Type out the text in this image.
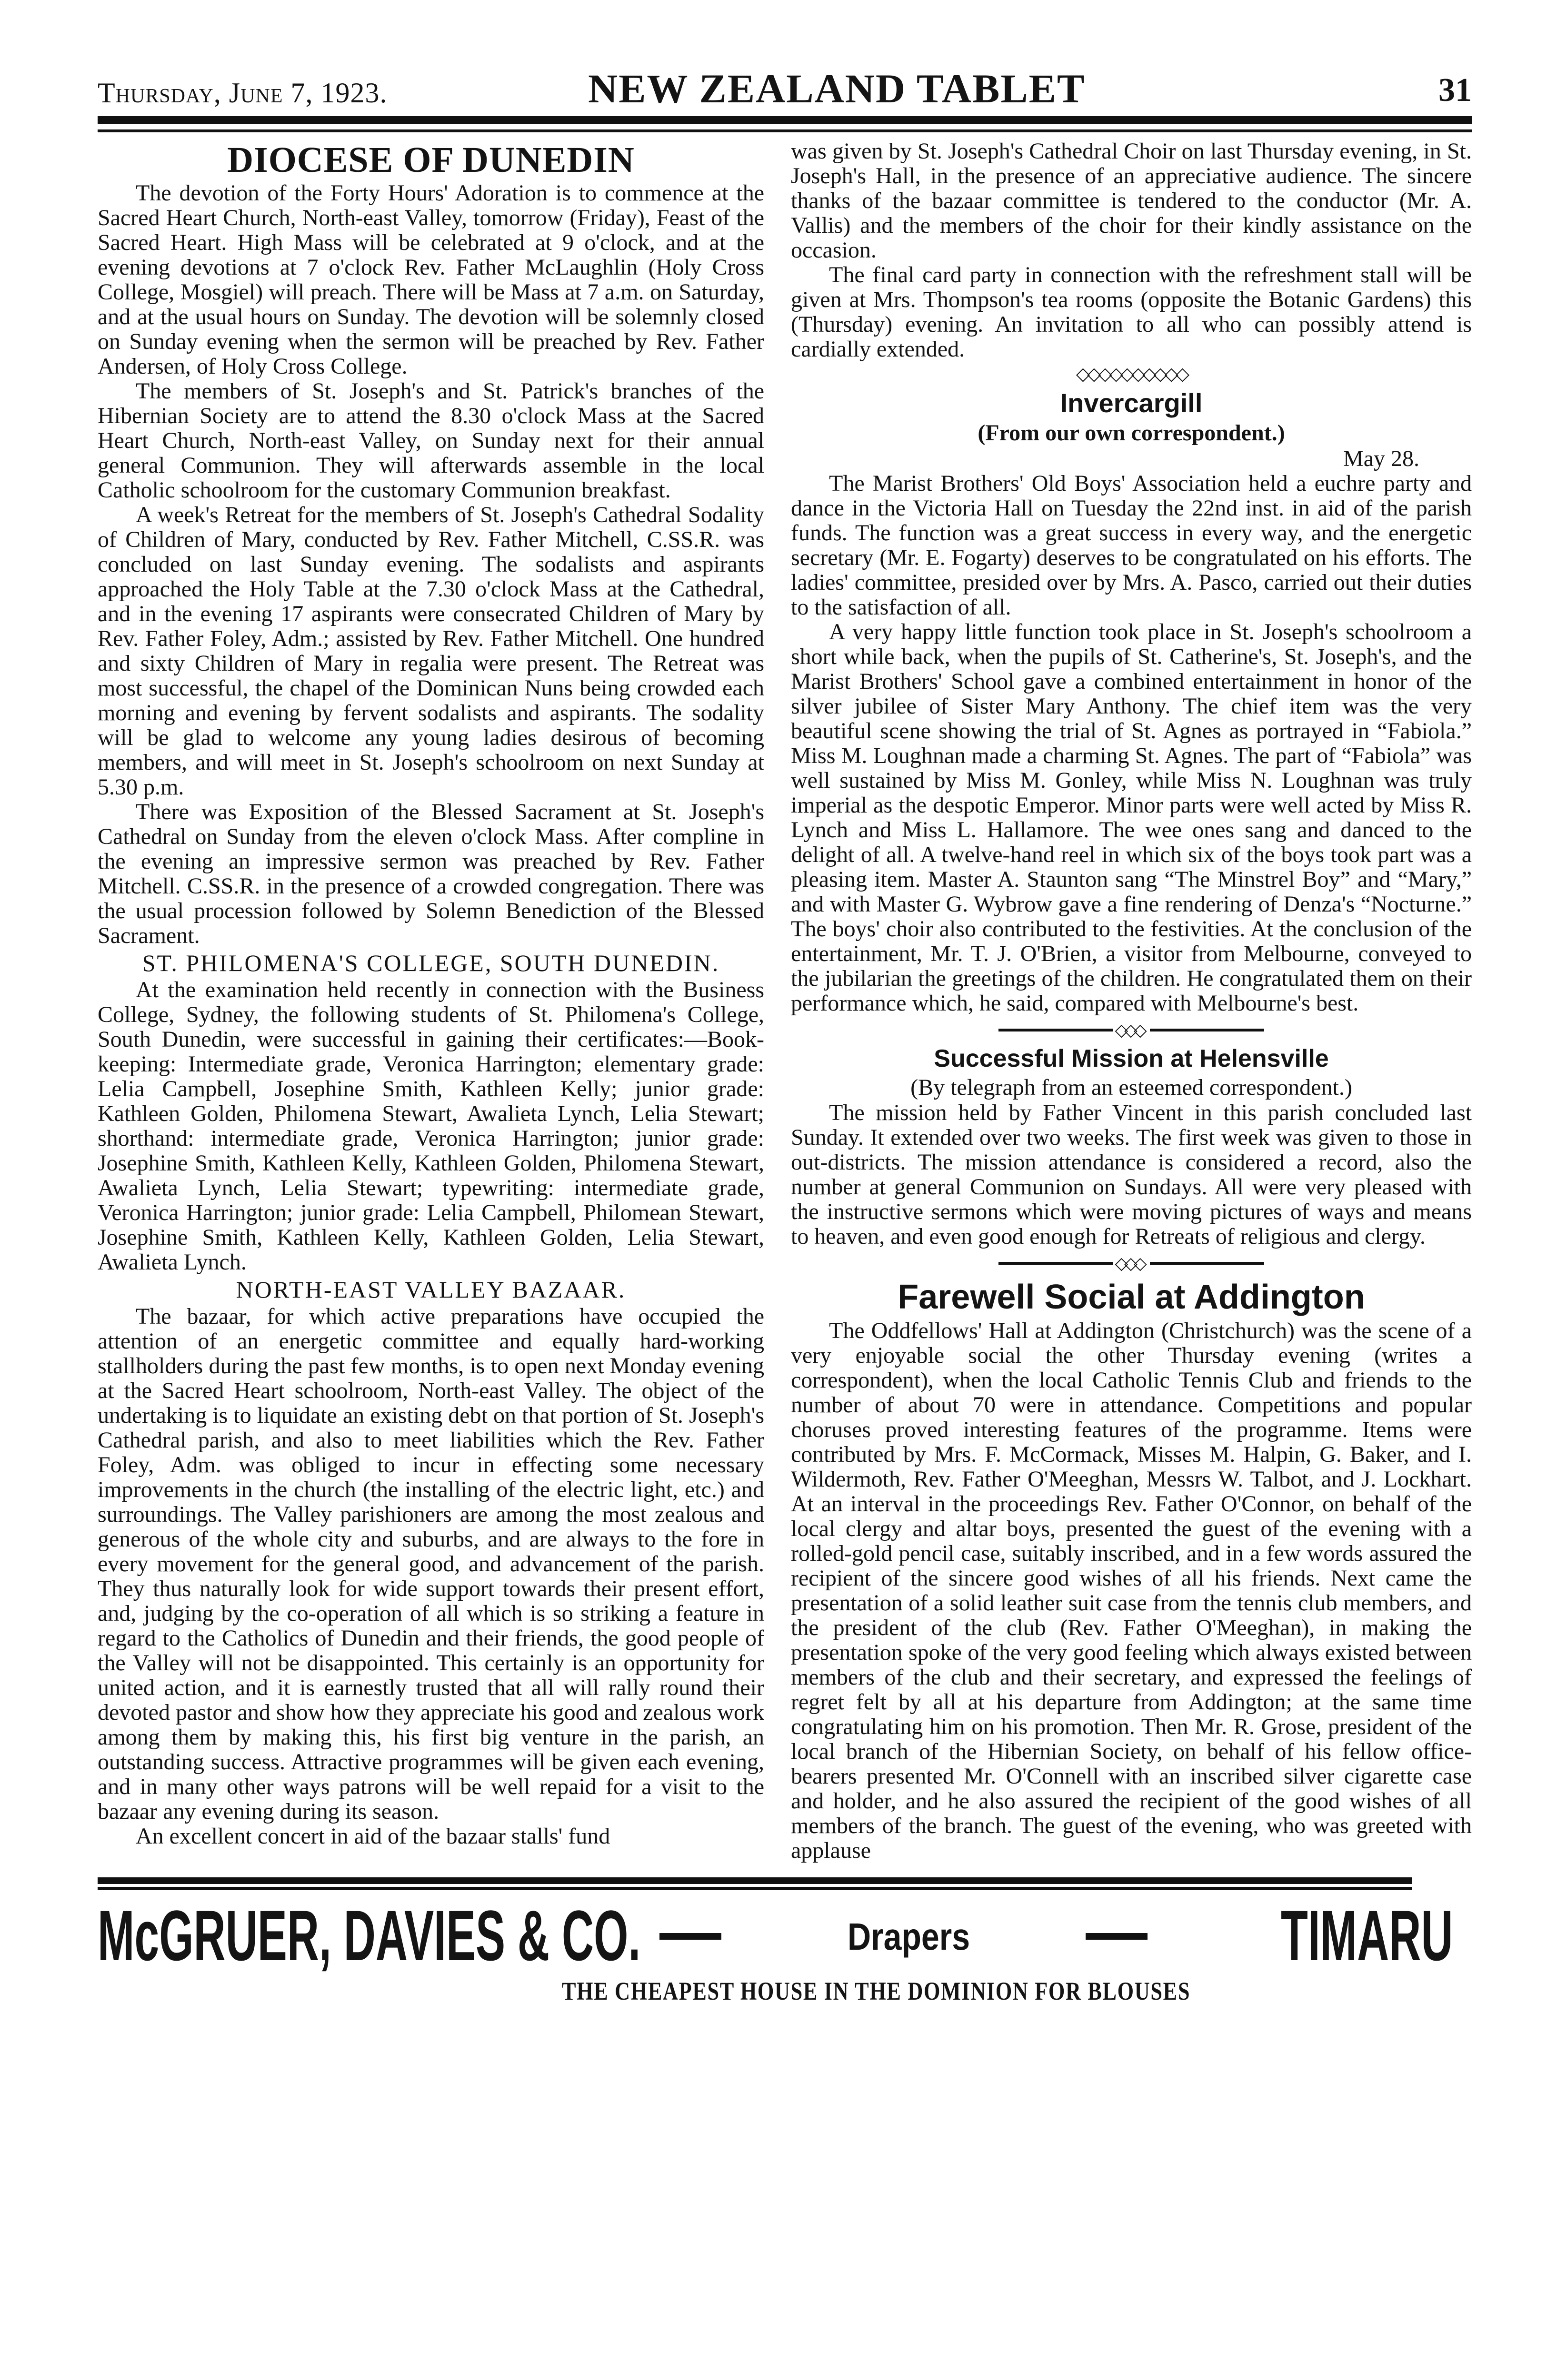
Thursday, June 7, 1923.	NEW ZEALAND TABLET	31
DIOCESE OF DUNEDIN

The devotion of the Forty Hours' Adoration is to commence at the Sacred Heart Church, North-east Valley, tomorrow (Friday), Feast of the Sacred Heart. High Mass will be celebrated at 9 o'clock, and at the evening devotions at 7 o'clock Rev. Father McLaughlin (Holy Cross College, Mosgiel) will preach. There will be Mass at 7 a.m. on Saturday, and at the usual hours on Sunday. The devotion will be solemnly closed on Sunday evening when the sermon will be preached by Rev. Father Andersen, of Holy Cross College.

The members of St. Joseph's and St. Patrick's branches of the Hibernian Society are to attend the 8.30 o'clock Mass at the Sacred Heart Church, North-east Valley, on Sunday next for their annual general Communion. They will afterwards assemble in the local Catholic schoolroom for the customary Communion breakfast.

A week's Retreat for the members of St. Joseph's Cathedral Sodality of Children of Mary, conducted by Rev. Father Mitchell, C.SS.R. was concluded on last Sunday evening. The sodalists and aspirants approached the Holy Table at the 7.30 o'clock Mass at the Cathedral, and in the evening 17 aspirants were consecrated Children of Mary by Rev. Father Foley, Adm.; assisted by Rev. Father Mitchell. One hundred and sixty Children of Mary in regalia were present. The Retreat was most successful, the chapel of the Dominican Nuns being crowded each morning and evening by fervent sodalists and aspirants. The sodality will be glad to welcome any young ladies desirous of becoming members, and will meet in St. Joseph's schoolroom on next Sunday at 5.30 p.m.

There was Exposition of the Blessed Sacrament at St. Joseph's Cathedral on Sunday from the eleven o'clock Mass. After compline in the evening an impressive sermon was preached by Rev. Father Mitchell. C.SS.R. in the presence of a crowded congregation. There was the usual procession followed by Solemn Benediction of the Blessed Sacrament.

ST. PHILOMENA'S COLLEGE, SOUTH DUNEDIN.

At the examination held recently in connection with the Business College, Sydney, the following students of St. Philomena's College, South Dunedin, were successful in gaining their certificates:—Book-keeping: Intermediate grade, Veronica Harrington; elementary grade: Lelia Campbell, Josephine Smith, Kathleen Kelly; junior grade: Kathleen Golden, Philomena Stewart, Awalieta Lynch, Lelia Stewart; shorthand: intermediate grade, Veronica Harrington; junior grade: Josephine Smith, Kathleen Kelly, Kathleen Golden, Philomena Stewart, Awalieta Lynch, Lelia Stewart; typewriting: intermediate grade, Veronica Harrington; junior grade: Lelia Campbell, Philomean Stewart, Josephine Smith, Kathleen Kelly, Kathleen Golden, Lelia Stewart, Awalieta Lynch.

NORTH-EAST VALLEY BAZAAR.

The bazaar, for which active preparations have occupied the attention of an energetic committee and equally hard-working stallholders during the past few months, is to open next Monday evening at the Sacred Heart schoolroom, North-east Valley. The object of the undertaking is to liquidate an existing debt on that portion of St. Joseph's Cathedral parish, and also to meet liabilities which the Rev. Father Foley, Adm. was obliged to incur in effecting some necessary improvements in the church (the installing of the electric light, etc.) and surroundings. The Valley parishioners are among the most zealous and generous of the whole city and suburbs, and are always to the fore in every movement for the general good, and advancement of the parish. They thus naturally look for wide support towards their present effort, and, judging by the co-operation of all which is so striking a feature in regard to the Catholics of Dunedin and their friends, the good people of the Valley will not be disappointed. This certainly is an opportunity for united action, and it is earnestly trusted that all will rally round their devoted pastor and show how they appreciate his good and zealous work among them by making this, his first big venture in the parish, an outstanding success. Attractive programmes will be given each evening, and in many other ways patrons will be well repaid for a visit to the bazaar any evening during its season.

An excellent concert in aid of the bazaar stalls' fund

was given by St. Joseph's Cathedral Choir on last Thursday evening, in St. Joseph's Hall, in the presence of an appreciative audience. The sincere thanks of the bazaar committee is tendered to the conductor (Mr. A. Vallis) and the members of the choir for their kindly assistance on the occasion.

The final card party in connection with the refreshment stall will be given at Mrs. Thompson's tea rooms (opposite the Botanic Gardens) this (Thursday) evening. An invitation to all who can possibly attend is cardially extended.

◇◇◇◇◇◇◇◇◇◇
Invercargill
(From our own correspondent.)
May 28.

The Marist Brothers' Old Boys' Association held a euchre party and dance in the Victoria Hall on Tuesday the 22nd inst. in aid of the parish funds. The function was a great success in every way, and the energetic secretary (Mr. E. Fogarty) deserves to be congratulated on his efforts. The ladies' committee, presided over by Mrs. A. Pasco, carried out their duties to the satisfaction of all.

A very happy little function took place in St. Joseph's schoolroom a short while back, when the pupils of St. Catherine's, St. Joseph's, and the Marist Brothers' School gave a combined entertainment in honor of the silver jubilee of Sister Mary Anthony. The chief item was the very beautiful scene showing the trial of St. Agnes as portrayed in “Fabiola.” Miss M. Loughnan made a charming St. Agnes. The part of “Fabiola” was well sustained by Miss M. Gonley, while Miss N. Loughnan was truly imperial as the despotic Emperor. Minor parts were well acted by Miss R. Lynch and Miss L. Hallamore. The wee ones sang and danced to the delight of all. A twelve-hand reel in which six of the boys took part was a pleasing item. Master A. Staunton sang “The Minstrel Boy” and “Mary,” and with Master G. Wybrow gave a fine rendering of Denza's “Nocturne.” The boys' choir also contributed to the festivities. At the conclusion of the entertainment, Mr. T. J. O'Brien, a visitor from Melbourne, conveyed to the jubilarian the greetings of the children. He congratulated them on their performance which, he said, compared with Melbourne's best.

◇◇◇
Successful Mission at Helensville
(By telegraph from an esteemed correspondent.)

The mission held by Father Vincent in this parish concluded last Sunday. It extended over two weeks. The first week was given to those in out-districts. The mission attendance is considered a record, also the number at general Communion on Sundays. All were very pleased with the instructive sermons which were moving pictures of ways and means to heaven, and even good enough for Retreats of religious and clergy.

◇◇◇
Farewell Social at Addington

The Oddfellows' Hall at Addington (Christchurch) was the scene of a very enjoyable social the other Thursday evening (writes a correspondent), when the local Catholic Tennis Club and friends to the number of about 70 were in attendance. Competitions and popular choruses proved interesting features of the programme. Items were contributed by Mrs. F. McCormack, Misses M. Halpin, G. Baker, and I. Wildermoth, Rev. Father O'Meeghan, Messrs W. Talbot, and J. Lockhart. At an interval in the proceedings Rev. Father O'Connor, on behalf of the local clergy and altar boys, presented the guest of the evening with a rolled-gold pencil case, suitably inscribed, and in a few words assured the recipient of the sincere good wishes of all his friends. Next came the presentation of a solid leather suit case from the tennis club members, and the president of the club (Rev. Father O'Meeghan), in making the presentation spoke of the very good feeling which always existed between members of the club and their secretary, and expressed the feelings of regret felt by all at his departure from Addington; at the same time congratulating him on his promotion. Then Mr. R. Grose, president of the local branch of the Hibernian Society, on behalf of his fellow office-bearers presented Mr. O'Connell with an inscribed silver cigarette case and holder, and he also assured the recipient of the good wishes of all members of the branch. The guest of the evening, who was greeted with applause

McGRUER, DAVIES & CO.	Drapers	TIMARU
THE CHEAPEST HOUSE IN THE DOMINION FOR BLOUSES
